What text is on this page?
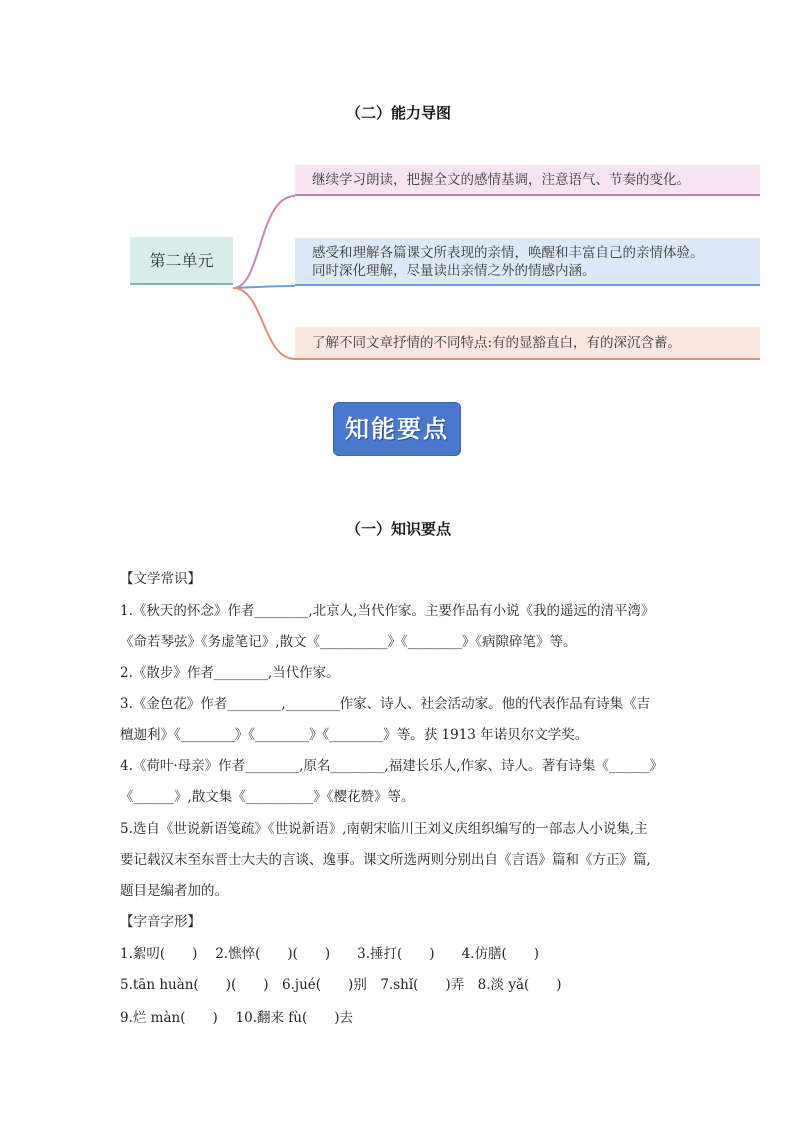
（二）能力导图
第二单元
继续学习朗读，把握全文的感情基调，注意语气、节奏的变化。
感受和理解各篇课文所表现的亲情，唤醒和丰富自己的亲情体验。
同时深化理解，尽量读出亲情之外的情感内涵。
了解不同文章抒情的不同特点:有的显豁直白，有的深沉含蓄。
知能要点
（一）知识要点
【文学常识】
1.《秋天的怀念》作者________,北京人,当代作家。主要作品有小说《我的遥远的清平湾》
《命若琴弦》《务虚笔记》,散文《__________》《________》《病隙碎笔》等。
2.《散步》作者________,当代作家。
3.《金色花》作者________,________作家、诗人、社会活动家。他的代表作品有诗集《吉
檀迦利》《________》《________》《________》等。获 1913 年诺贝尔文学奖。
4.《荷叶·母亲》作者________,原名________,福建长乐人,作家、诗人。著有诗集《______》
《______》,散文集《__________》《樱花赞》等。
5.选自《世说新语笺疏》《世说新语》,南朝宋临川王刘义庆组织编写的一部志人小说集,主
要记载汉末至东晋士大夫的言谈、逸事。课文所选两则分别出自《言语》篇和《方正》篇,
题目是编者加的。
【字音字形】
1.絮叨(　　)　 2.憔悴(　　)(　　)　　3.捶打(　　)　　4.仿膳(　　)
5.tān huàn(　　)(　　)　6.jué(　　)别　7.shǐ(　　)弄　8.淡 yǎ(　　)
9.烂 màn(　　)　 10.翻来 fù(　　)去
